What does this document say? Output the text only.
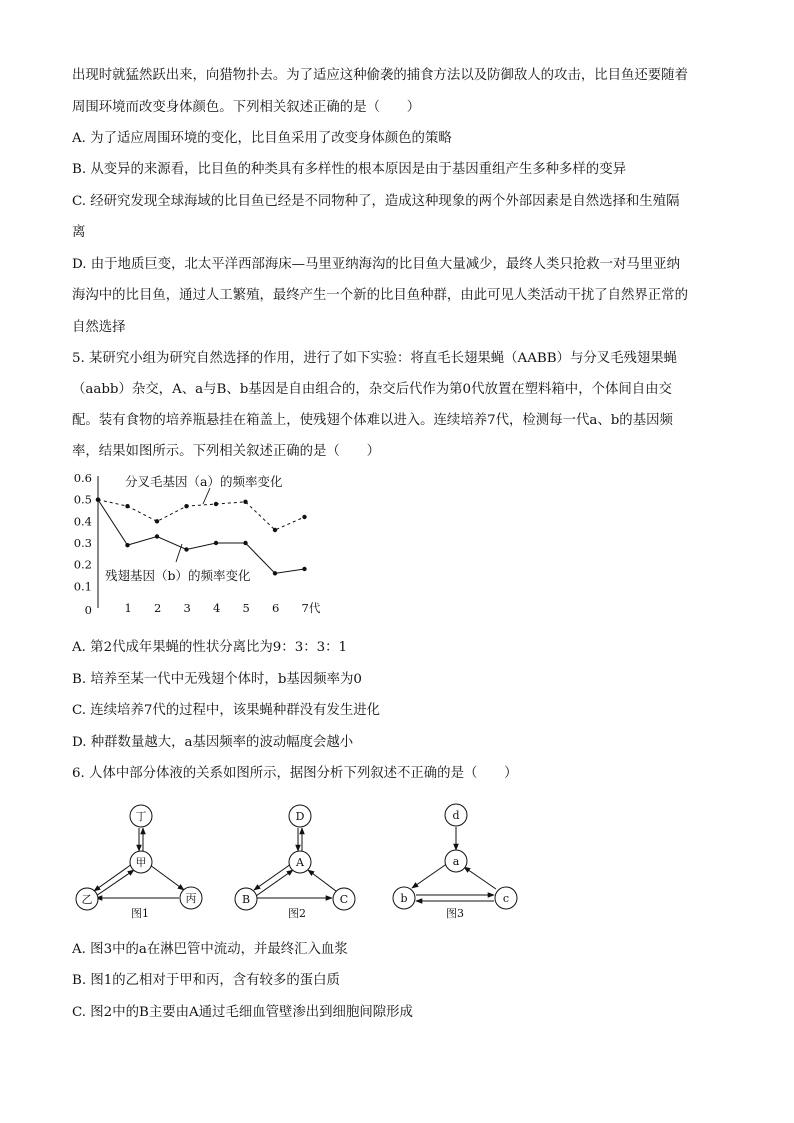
出现时就猛然跃出来，向猎物扑去。为了适应这种偷袭的捕食方法以及防御敌人的攻击，比目鱼还要随着
周围环境而改变身体颜色。下列相关叙述正确的是（　　）
A. 为了适应周围环境的变化，比目鱼采用了改变身体颜色的策略
B. 从变异的来源看，比目鱼的种类具有多样性的根本原因是由于基因重组产生多种多样的变异
C. 经研究发现全球海域的比目鱼已经是不同物种了，造成这种现象的两个外部因素是自然选择和生殖隔
离
D. 由于地质巨变，北太平洋西部海床—马里亚纳海沟的比目鱼大量减少，最终人类只抢救一对马里亚纳
海沟中的比目鱼，通过人工繁殖，最终产生一个新的比目鱼种群，由此可见人类活动干扰了自然界正常的
自然选择
5. 某研究小组为研究自然选择的作用，进行了如下实验：将直毛长翅果蝇（AABB）与分叉毛残翅果蝇
（aabb）杂交，A、a与B、b基因是自由组合的，杂交后代作为第0代放置在塑料箱中，个体间自由交
配。装有食物的培养瓶悬挂在箱盖上，使残翅个体难以进入。连续培养7代，检测每一代a、b的基因频
率，结果如图所示。下列相关叙述正确的是（　　）
0.1
0.2
0.3
0.4
0.5
0.6
0	1 2 3 4 5 6 7代
分叉毛基因（a）的频率变化
残翅基因（b）的频率变化
A. 第2代成年果蝇的性状分离比为9：3：3：1
B. 培养至某一代中无残翅个体时，b基因频率为0
C. 连续培养7代的过程中，该果蝇种群没有发生进化
D. 种群数量越大，a基因频率的波动幅度会越小
6. 人体中部分体液的关系如图所示，据图分析下列叙述不正确的是（　　）
丁
甲
乙	丙
图1
D
A
B	C
图2
d
a
b	c
图3
A. 图3中的a在淋巴管中流动，并最终汇入血浆
B. 图1的乙相对于甲和丙，含有较多的蛋白质
C. 图2中的B主要由A通过毛细血管壁渗出到细胞间隙形成
